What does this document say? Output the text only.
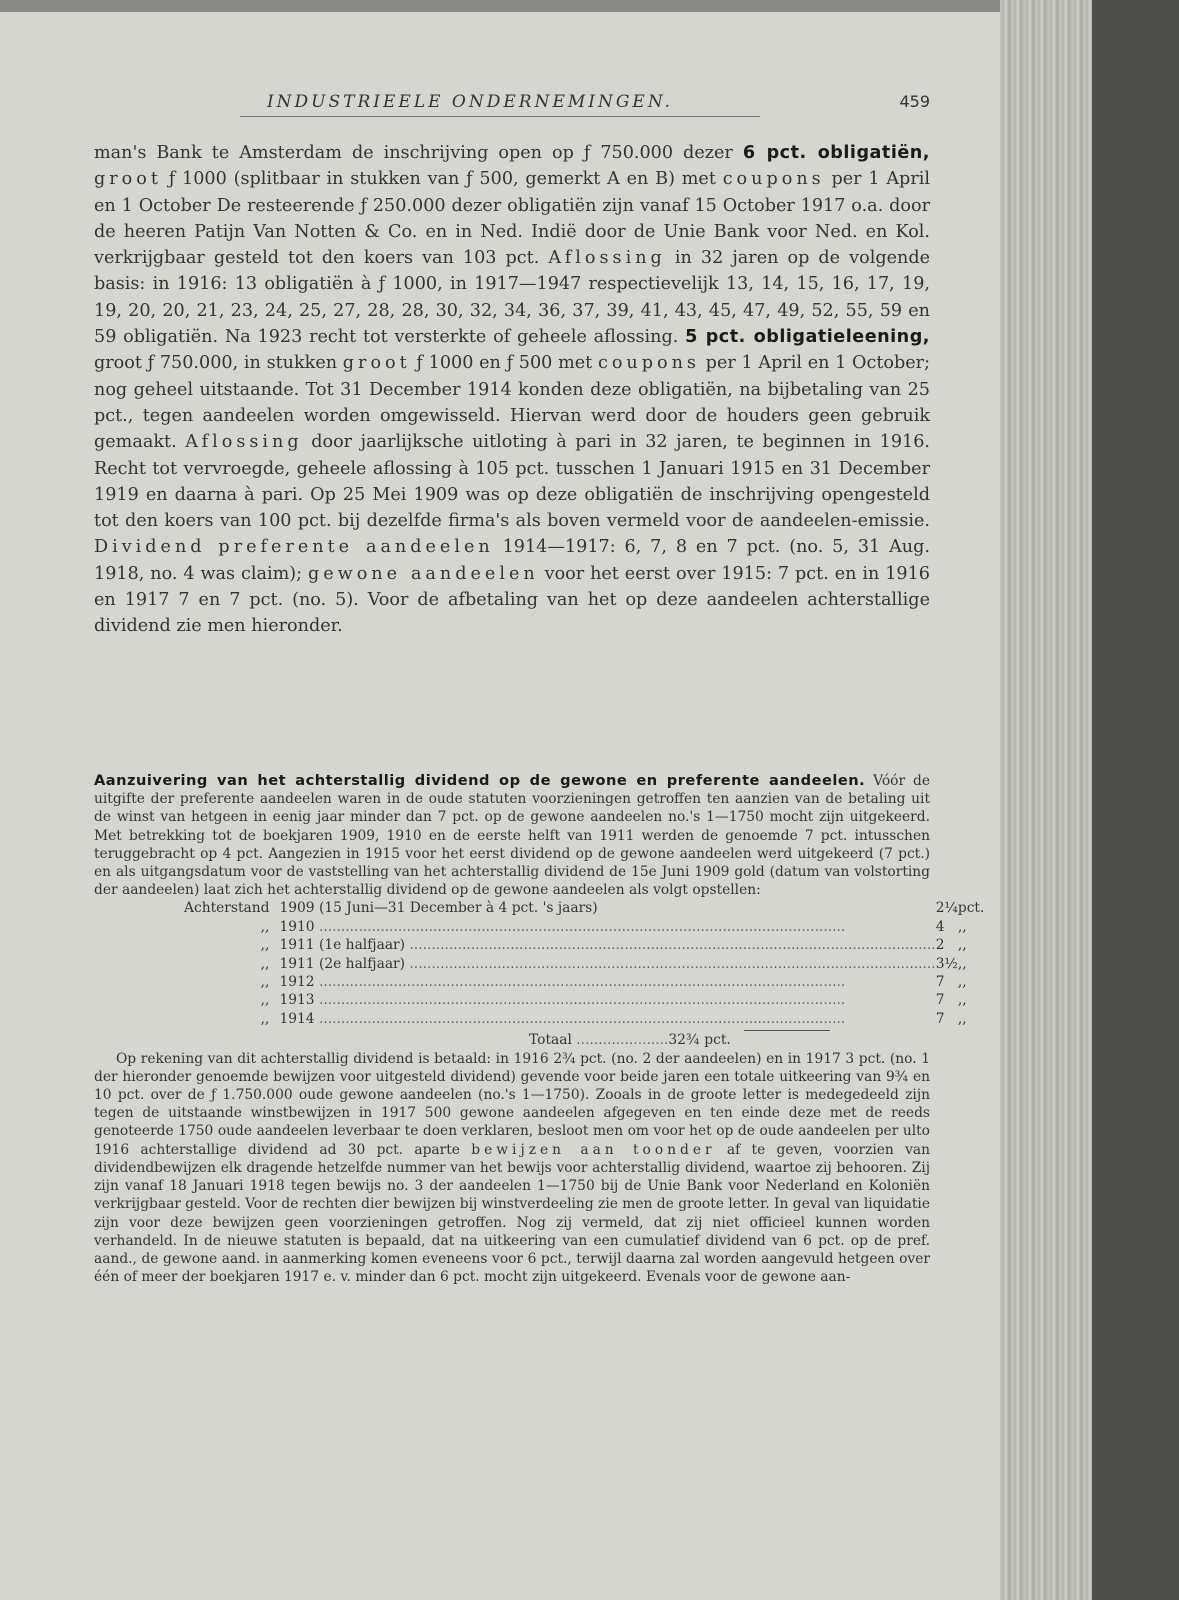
INDUSTRIEELE ONDERNEMINGEN.	459

man's Bank te Amsterdam de inschrijving open op ƒ 750.000 dezer 6 pct. obligatiën, groot ƒ 1000 (splitbaar in stukken van ƒ 500, gemerkt A en B) met coupons per 1 April en 1 October De resteerende ƒ 250.000 dezer obligatiën zijn vanaf 15 October 1917 o.a. door de heeren Patijn Van Notten & Co. en in Ned. Indië door de Unie Bank voor Ned. en Kol. verkrijgbaar gesteld tot den koers van 103 pct. Aflossing in 32 jaren op de volgende basis: in 1916: 13 obligatiën à ƒ 1000, in 1917—1947 respectievelijk 13, 14, 15, 16, 17, 19, 19, 20, 20, 21, 23, 24, 25, 27, 28, 28, 30, 32, 34, 36, 37, 39, 41, 43, 45, 47, 49, 52, 55, 59 en 59 obligatiën. Na 1923 recht tot versterkte of geheele aflossing. 5 pct. obligatieleening, groot ƒ 750.000, in stukken groot ƒ 1000 en ƒ 500 met coupons per 1 April en 1 October; nog geheel uitstaande. Tot 31 December 1914 konden deze obligatiën, na bijbetaling van 25 pct., tegen aandeelen worden omgewisseld. Hiervan werd door de houders geen gebruik gemaakt. Aflossing door jaarlijksche uitloting à pari in 32 jaren, te beginnen in 1916. Recht tot vervroegde, geheele aflossing à 105 pct. tusschen 1 Januari 1915 en 31 December 1919 en daarna à pari. Op 25 Mei 1909 was op deze obligatiën de inschrijving opengesteld tot den koers van 100 pct. bij dezelfde firma's als boven vermeld voor de aandeelen-emissie. Dividend preferente aandeelen 1914—1917: 6, 7, 8 en 7 pct. (no. 5, 31 Aug. 1918, no. 4 was claim); gewone aandeelen voor het eerst over 1915: 7 pct. en in 1916 en 1917 7 en 7 pct. (no. 5). Voor de afbetaling van het op deze aandeelen achterstallige dividend zie men hieronder.

Aanzuivering van het achterstallig dividend op de gewone en preferente aandeelen. Vóór de uitgifte der preferente aandeelen waren in de oude statuten voorzieningen getroffen ten aanzien van de betaling uit de winst van hetgeen in eenig jaar minder dan 7 pct. op de gewone aandeelen no.'s 1—1750 mocht zijn uitgekeerd. Met betrekking tot de boekjaren 1909, 1910 en de eerste helft van 1911 werden de genoemde 7 pct. intusschen teruggebracht op 4 pct. Aangezien in 1915 voor het eerst dividend op de gewone aandeelen werd uitgekeerd (7 pct.) en als uitgangsdatum voor de vaststelling van het achterstallig dividend de 15e Juni 1909 gold (datum van volstorting der aandeelen) laat zich het achterstallig dividend op de gewone aandeelen als volgt opstellen:

Achterstand	1909 (15 Juni—31 December à 4 pct. 's jaars)	2¼	pct.
,,	1910 .....	4	,,
,,	1911 (1e halfjaar) .....	2	,,
,,	1911 (2e halfjaar) .....	3½	,,
,,	1912 .....	7	,,
,,	1913 .....	7	,,
,,	1914 .....	7	,,
	Totaal .....................	32¾	pct.

Op rekening van dit achterstallig dividend is betaald: in 1916 2¾ pct. (no. 2 der aandeelen) en in 1917 3 pct. (no. 1 der hieronder genoemde bewijzen voor uitgesteld dividend) gevende voor beide jaren een totale uitkeering van 9¾ en 10 pct. over de ƒ 1.750.000 oude gewone aandeelen (no.'s 1—1750). Zooals in de groote letter is medegedeeld zijn tegen de uitstaande winstbewijzen in 1917 500 gewone aandeelen afgegeven en ten einde deze met de reeds genoteerde 1750 oude aandeelen leverbaar te doen verklaren, besloot men om voor het op de oude aandeelen per ulto 1916 achterstallige dividend ad 30 pct. aparte bewijzen aan toonder af te geven, voorzien van dividendbewijzen elk dragende hetzelfde nummer van het bewijs voor achterstallig dividend, waartoe zij behooren. Zij zijn vanaf 18 Januari 1918 tegen bewijs no. 3 der aandeelen 1—1750 bij de Unie Bank voor Nederland en Koloniën verkrijgbaar gesteld. Voor de rechten dier bewijzen bij winstverdeeling zie men de groote letter. In geval van liquidatie zijn voor deze bewijzen geen voorzieningen getroffen. Nog zij vermeld, dat zij niet officieel kunnen worden verhandeld. In de nieuwe statuten is bepaald, dat na uitkeering van een cumulatief dividend van 6 pct. op de pref. aand., de gewone aand. in aanmerking komen eveneens voor 6 pct., terwijl daarna zal worden aangevuld hetgeen over één of meer der boekjaren 1917 e. v. minder dan 6 pct. mocht zijn uitgekeerd. Evenals voor de gewone aan-
